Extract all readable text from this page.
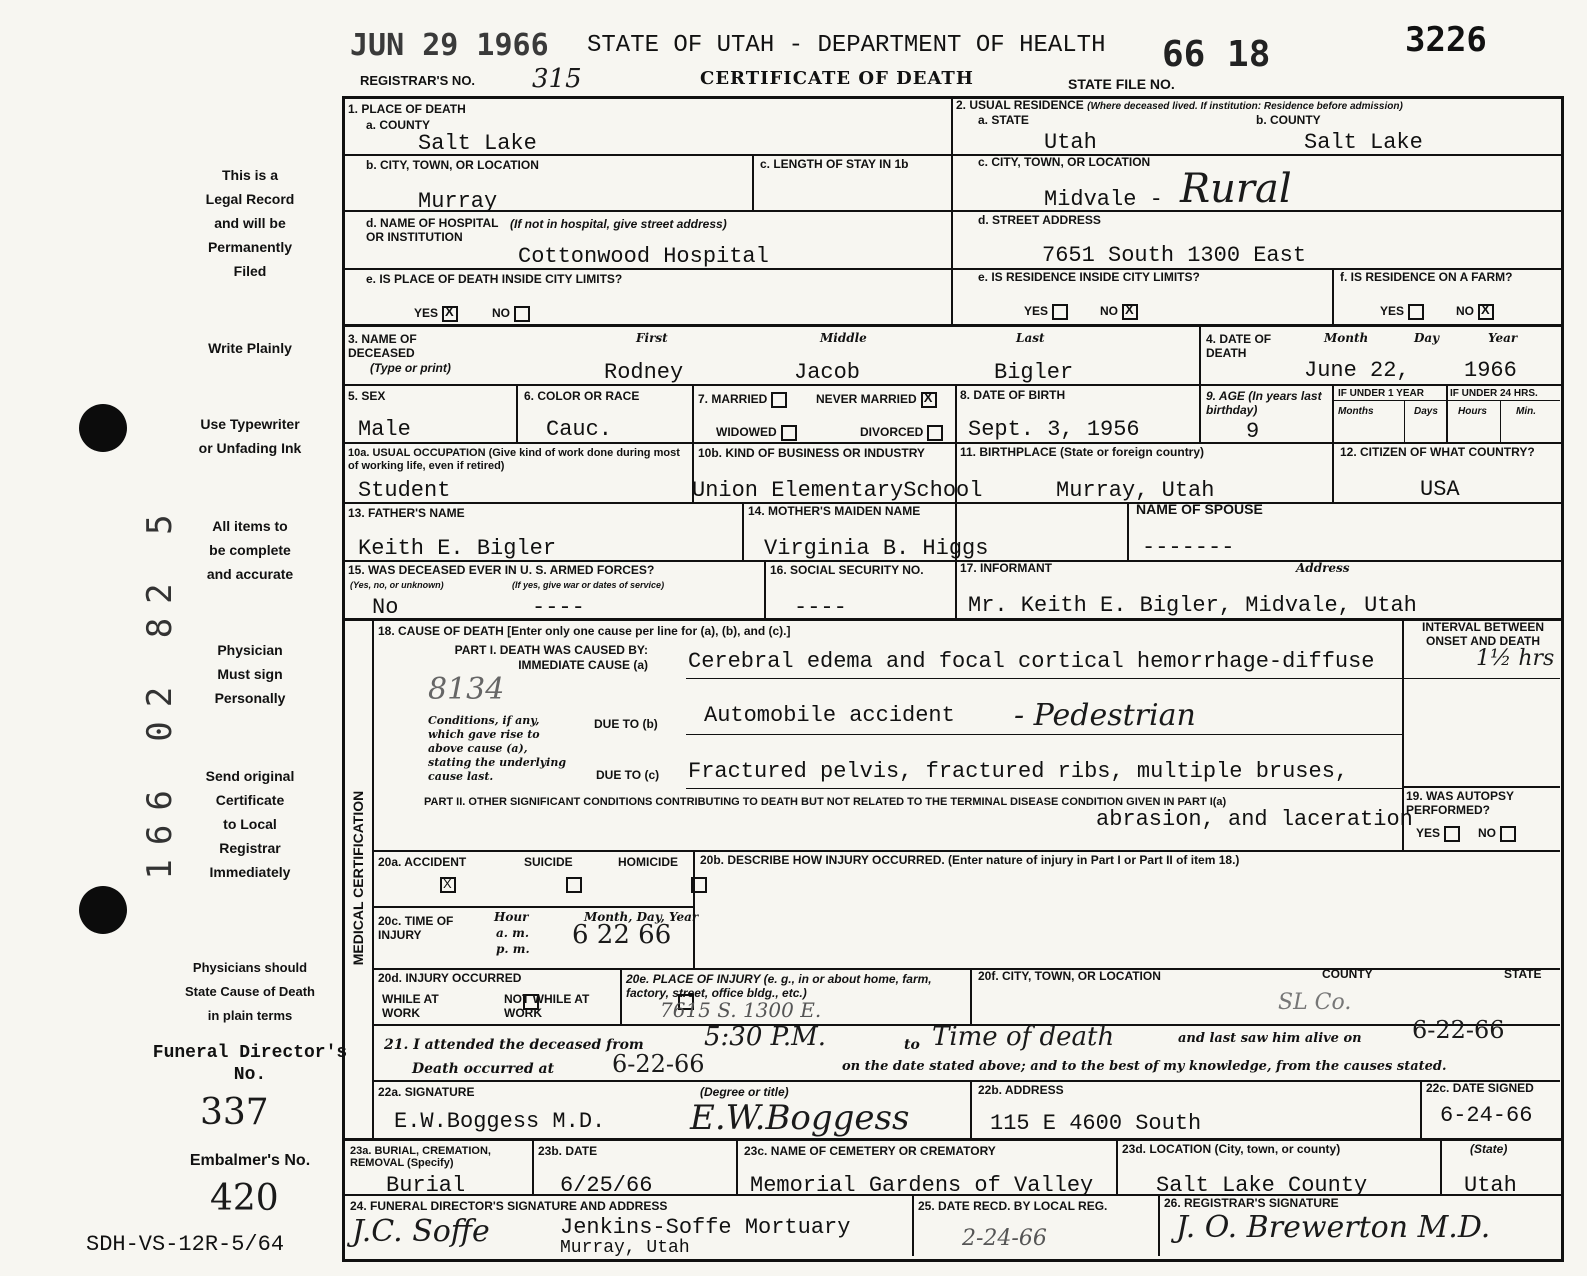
JUN 29 1966 STATE OF UTAH - DEPARTMENT OF HEALTH 66 18	3226
REGISTRAR'S NO. 315	CERTIFICATE OF DEATH	STATE FILE NO.
This is a
Legal Record
and will be
Permanently
Filed
Write Plainly
Use Typewriter
or Unfading Ink
All items to
be complete
and accurate
Physician
Must sign
Personally
Send original
Certificate
to Local
Registrar
Immediately
Physicians should
State Cause of Death
in plain terms
Funeral Director's No.
337
Embalmer's No.
420
SDH-VS-12R-5/64
166 02 82 5
1. PLACE OF DEATH
a. COUNTY
Salt Lake
2. USUAL RESIDENCE (Where deceased lived. If institution: Residence before admission)
a. STATE	b. COUNTY
Utah	Salt Lake
b. CITY, TOWN, OR LOCATION
Murray
c. LENGTH OF STAY IN 1b	c. CITY, TOWN, OR LOCATION
Midvale - Rural
d. NAME OF HOSPITAL OR INSTITUTION
(If not in hospital, give street address)
Cottonwood Hospital
d. STREET ADDRESS
7651 South 1300 East
e. IS PLACE OF DEATH INSIDE CITY LIMITS?
YESX	NO
e. IS RESIDENCE INSIDE CITY LIMITS?
YES	NOX
f. IS RESIDENCE ON A FARM?
YES	NOX
3. NAME OF DECEASED
(Type or print)
First	Middle	Last
Rodney	Jacob	Bigler
4. DATE OF DEATH
Month	Day	Year
June 22, 1966
5. SEX
Male
6. COLOR OR RACE
Cauc.
7. MARRIED	NEVER MARRIEDX
WIDOWED	DIVORCED
8. DATE OF BIRTH
Sept. 3, 1956
9. AGE (In years last birthday)
9
IF UNDER 1 YEAR	IF UNDER 24 HRS.
Months	Days Hours	Min.
10a. USUAL OCCUPATION (Give kind of work done during most of working life, even if retired)
Student
10b. KIND OF BUSINESS OR INDUSTRY
Union ElementarySchool
11. BIRTHPLACE (State or foreign country)
Murray, Utah
12. CITIZEN OF WHAT COUNTRY?
USA
13. FATHER'S NAME
Keith E. Bigler
14. MOTHER'S MAIDEN NAME
Virginia B. Higgs
NAME OF SPOUSE
-------
15. WAS DECEASED EVER IN U. S. ARMED FORCES?
(Yes, no, or unknown)	(If yes, give war or dates of service)
No	----
16. SOCIAL SECURITY NO.
----
17. INFORMANT	Address
Mr. Keith E. Bigler, Midvale, Utah
MEDICAL CERTIFICATION
18. CAUSE OF DEATH [Enter only one cause per line for (a), (b), and (c).]
PART I. DEATH WAS CAUSED BY: IMMEDIATE CAUSE (a) Cerebral edema and focal cortical hemorrhage-diffuse	1½ hrs
8134
Conditions, if any, which gave rise to above cause (a), stating the underlying cause last.
DUE TO (b) Automobile accident - Pedestrian
DUE TO (c) Fractured pelvis, fractured ribs, multiple bruses,
PART II. OTHER SIGNIFICANT CONDITIONS CONTRIBUTING TO DEATH BUT NOT RELATED TO THE TERMINAL DISEASE CONDITION GIVEN IN PART I(a)
abrasion, and laceration
INTERVAL BETWEEN ONSET AND DEATH
19. WAS AUTOPSY PERFORMED?
YES	NO
20a. ACCIDENT	SUICIDE	HOMICIDE
X 20b. DESCRIBE HOW INJURY OCCURRED. (Enter nature of injury in Part I or Part II of item 18.)
20c. TIME OF INJURY
Hour
a. m.
p. m.
Month, Day, Year
6 22 66
20d. INJURY OCCURRED
WHILE AT WORK

NOT WHILE AT WORK
20e. PLACE OF INJURY (e. g., in or about home, farm, factory, street, office bldg., etc.)
7615 S. 1300 E.
20f. CITY, TOWN, OR LOCATION	COUNTY	STATE
SL Co.
21. I attended the deceased from 5:30 P.M.	to Time of death	and last saw him alive on 6-22-66
Death occurred at 6-22-66	on the date stated above; and to the best of my knowledge, from the causes stated.
22a. SIGNATURE	(Degree or title)
E.W.Boggess M.D. E.W.Boggess
22b. ADDRESS
115 E 4600 South
22c. DATE SIGNED
6-24-66
23a. BURIAL, CREMATION, REMOVAL (Specify)
Burial
23b. DATE
6/25/66
23c. NAME OF CEMETERY OR CREMATORY
Memorial Gardens of Valley
23d. LOCATION (City, town, or county)
Salt Lake County
(State)
Utah
24. FUNERAL DIRECTOR'S SIGNATURE AND ADDRESS
J.C. Soffe	Jenkins-Soffe Mortuary
Murray, Utah
25. DATE RECD. BY LOCAL REG.
2-24-66
26. REGISTRAR'S SIGNATURE
J. O. Brewerton M.D.
